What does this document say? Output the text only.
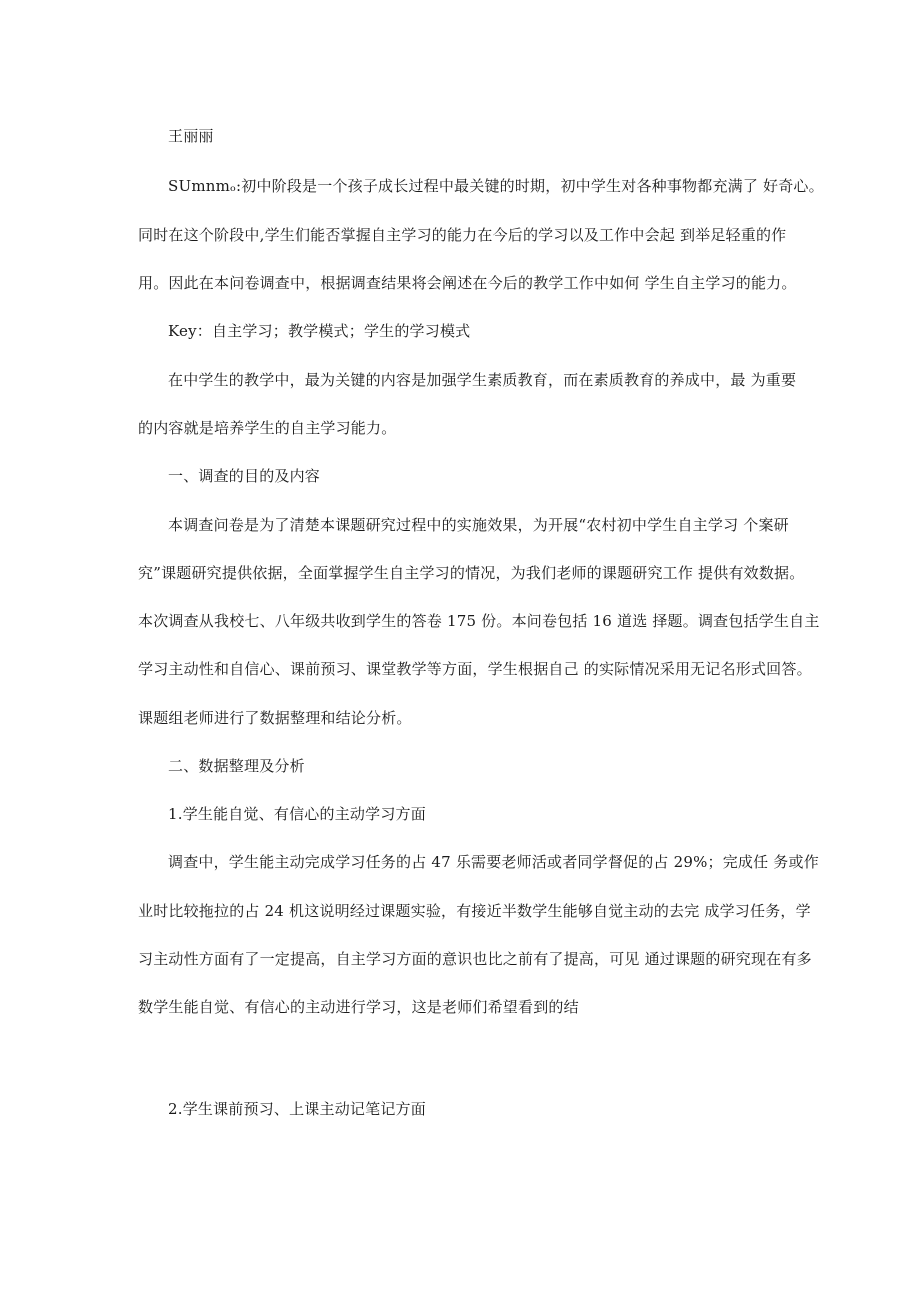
王丽丽
SUmnmₒ:初中阶段是一个孩子成长过程中最关键的时期，初中学生对各种事物都充满了 好奇心。
同时在这个阶段中,学生们能否掌握自主学习的能力在今后的学习以及工作中会起 到举足轻重的作
用。因此在本问卷调查中，根据调查结果将会阐述在今后的教学工作中如何 学生自主学习的能力。
Key：自主学习；教学模式；学生的学习模式
在中学生的教学中，最为关键的内容是加强学生素质教育，而在素质教育的养成中，最 为重要
的内容就是培养学生的自主学习能力。
一、调查的目的及内容
本调查问卷是为了清楚本课题研究过程中的实施效果，为开展“农村初中学生自主学习 个案研
究”课题研究提供依据，全面掌握学生自主学习的情况，为我们老师的课题研究工作 提供有效数据。
本次调查从我校七、八年级共收到学生的答卷 175 份。本问卷包括 16 道选 择题。调查包括学生自主
学习主动性和自信心、课前预习、课堂教学等方面，学生根据自己 的实际情况采用无记名形式回答。
课题组老师进行了数据整理和结论分析。
二、数据整理及分析
1.学生能自觉、有信心的主动学习方面
调查中，学生能主动完成学习任务的占 47 乐需要老师活或者同学督促的占 29%；完成任 务或作
业时比较拖拉的占 24 机这说明经过课题实验，有接近半数学生能够自觉主动的去完 成学习任务，学
习主动性方面有了一定提高，自主学习方面的意识也比之前有了提高，可见 通过课题的研究现在有多
数学生能自觉、有信心的主动进行学习，这是老师们希望看到的结
2.学生课前预习、上课主动记笔记方面
